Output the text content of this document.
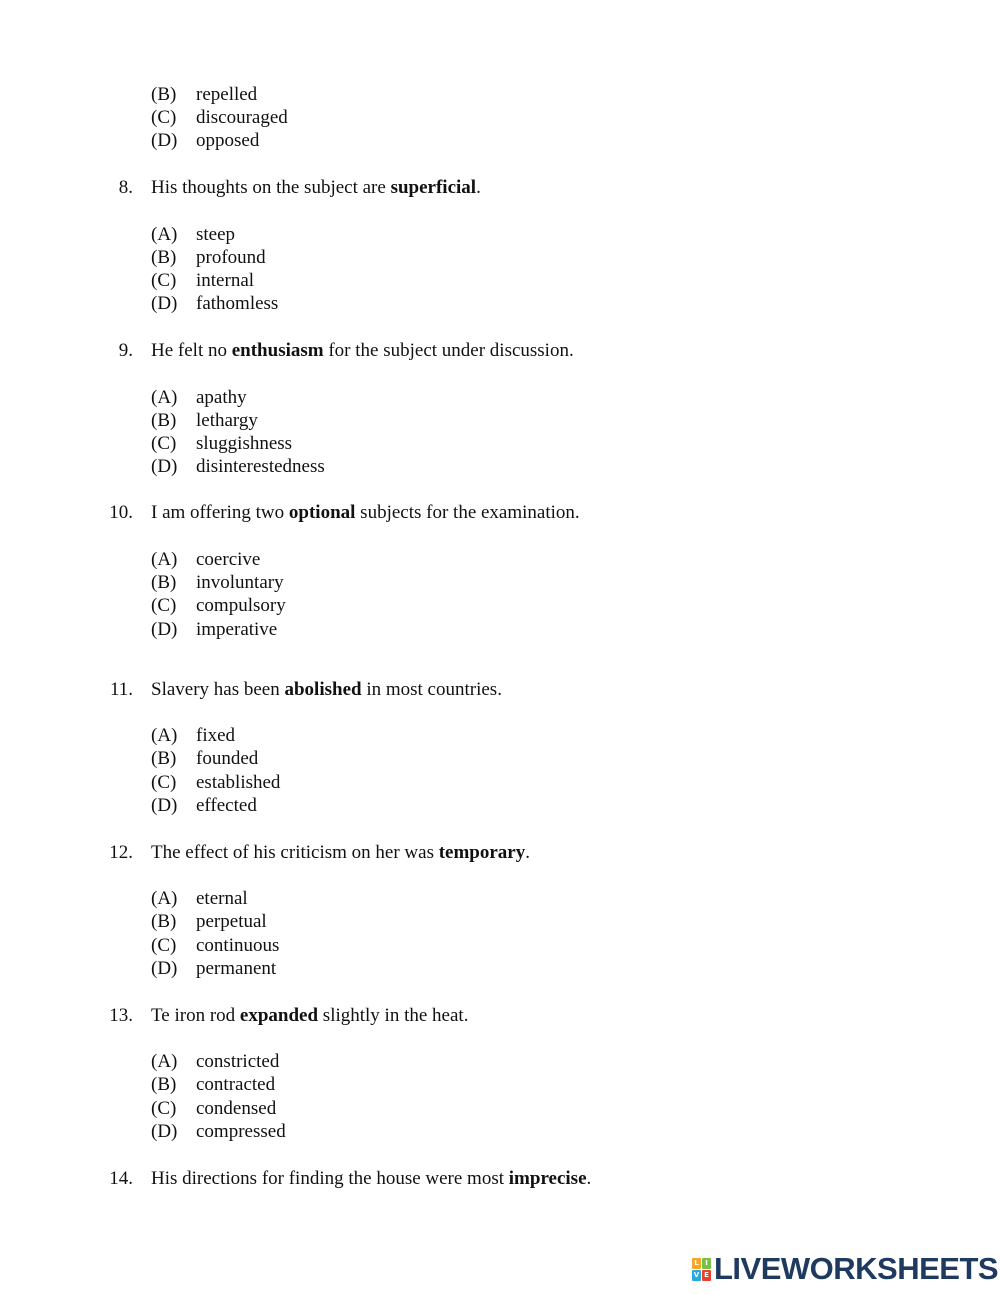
(B) repelled
(C) discouraged
(D) opposed
8. His thoughts on the subject are superficial.
(A) steep
(B) profound
(C) internal
(D) fathomless
9. He felt no enthusiasm for the subject under discussion.
(A) apathy
(B) lethargy
(C) sluggishness
(D) disinterestedness
10. I am offering two optional subjects for the examination.
(A) coercive
(B) involuntary
(C) compulsory
(D) imperative
11. Slavery has been abolished in most countries.
(A) fixed
(B) founded
(C) established
(D) effected
12. The effect of his criticism on her was temporary.
(A) eternal
(B) perpetual
(C) continuous
(D) permanent
13. Te iron rod expanded slightly in the heat.
(A) constricted
(B) contracted
(C) condensed
(D) compressed
14. His directions for finding the house were most imprecise.
L I
V E LIVEWORKSHEETS
